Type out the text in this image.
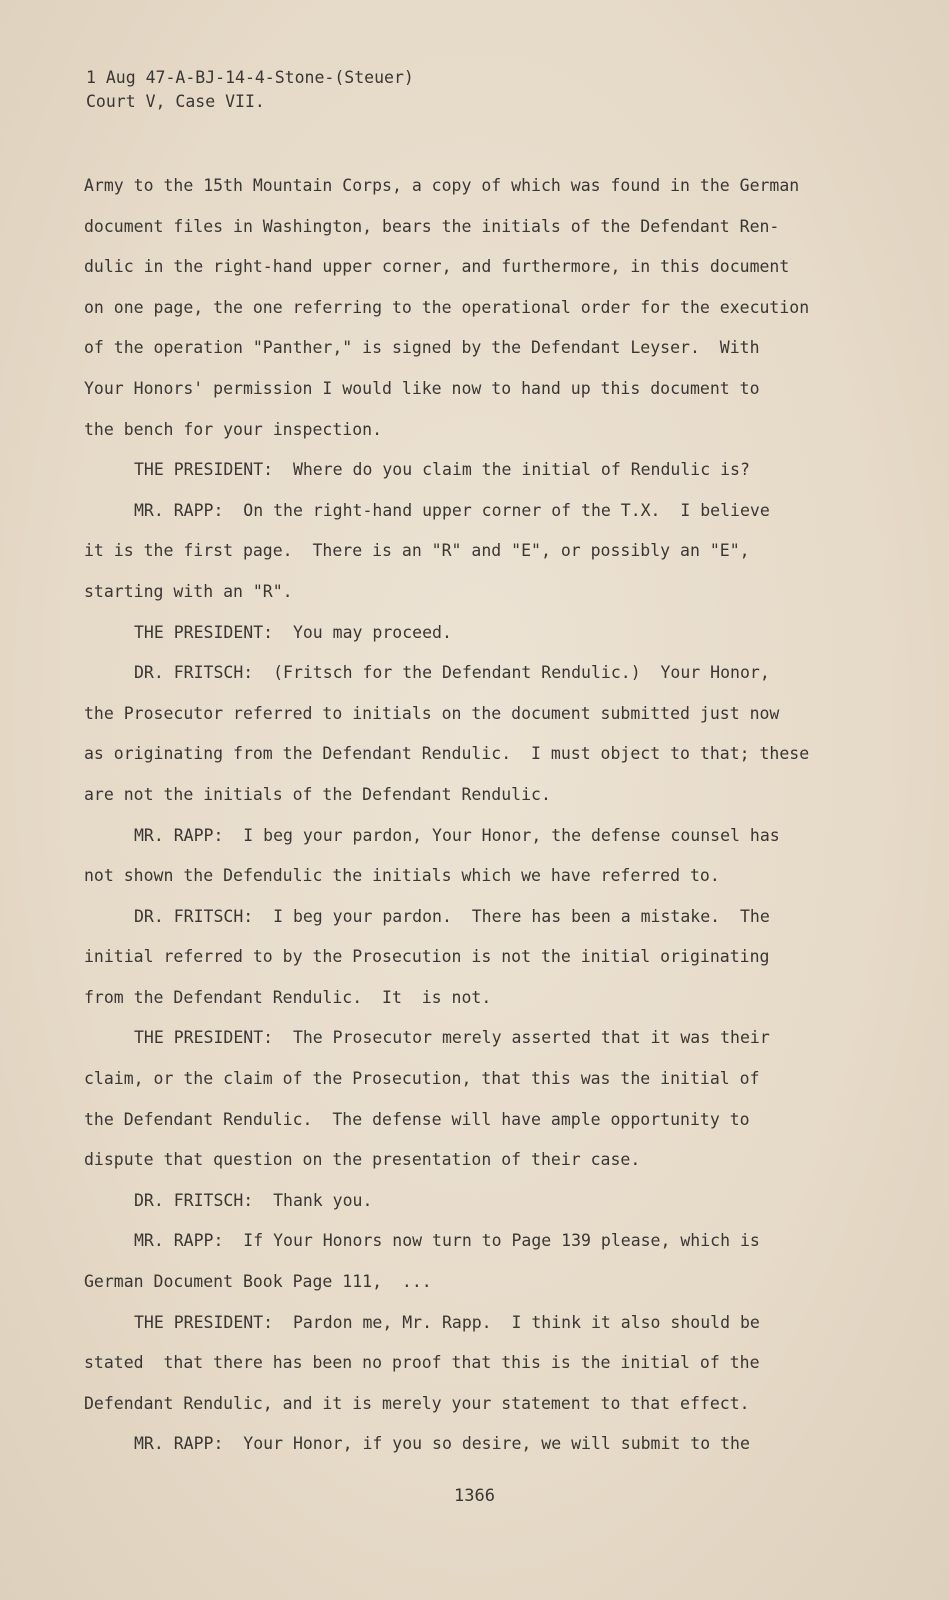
1 Aug 47-A-BJ-14-4-Stone-(Steuer)
Court V, Case VII.
Army to the 15th Mountain Corps, a copy of which was found in the German
document files in Washington, bears the initials of the Defendant Ren-
dulic in the right-hand upper corner, and furthermore, in this document
on one page, the one referring to the operational order for the execution
of the operation "Panther," is signed by the Defendant Leyser.  With
Your Honors' permission I would like now to hand up this document to
the bench for your inspection.
THE PRESIDENT:  Where do you claim the initial of Rendulic is?
MR. RAPP:  On the right-hand upper corner of the T.X.  I believe
it is the first page.  There is an "R" and "E", or possibly an "E",
starting with an "R".
THE PRESIDENT:  You may proceed.
DR. FRITSCH:  (Fritsch for the Defendant Rendulic.)  Your Honor,
the Prosecutor referred to initials on the document submitted just now
as originating from the Defendant Rendulic.  I must object to that; these
are not the initials of the Defendant Rendulic.
MR. RAPP:  I beg your pardon, Your Honor, the defense counsel has
not shown the Defendulic the initials which we have referred to.
DR. FRITSCH:  I beg your pardon.  There has been a mistake.  The
initial referred to by the Prosecution is not the initial originating
from the Defendant Rendulic.  It  is not.
THE PRESIDENT:  The Prosecutor merely asserted that it was their
claim, or the claim of the Prosecution, that this was the initial of
the Defendant Rendulic.  The defense will have ample opportunity to
dispute that question on the presentation of their case.
DR. FRITSCH:  Thank you.
MR. RAPP:  If Your Honors now turn to Page 139 please, which is
German Document Book Page 111,  ...
THE PRESIDENT:  Pardon me, Mr. Rapp.  I think it also should be
stated  that there has been no proof that this is the initial of the
Defendant Rendulic, and it is merely your statement to that effect.
MR. RAPP:  Your Honor, if you so desire, we will submit to the
1366
